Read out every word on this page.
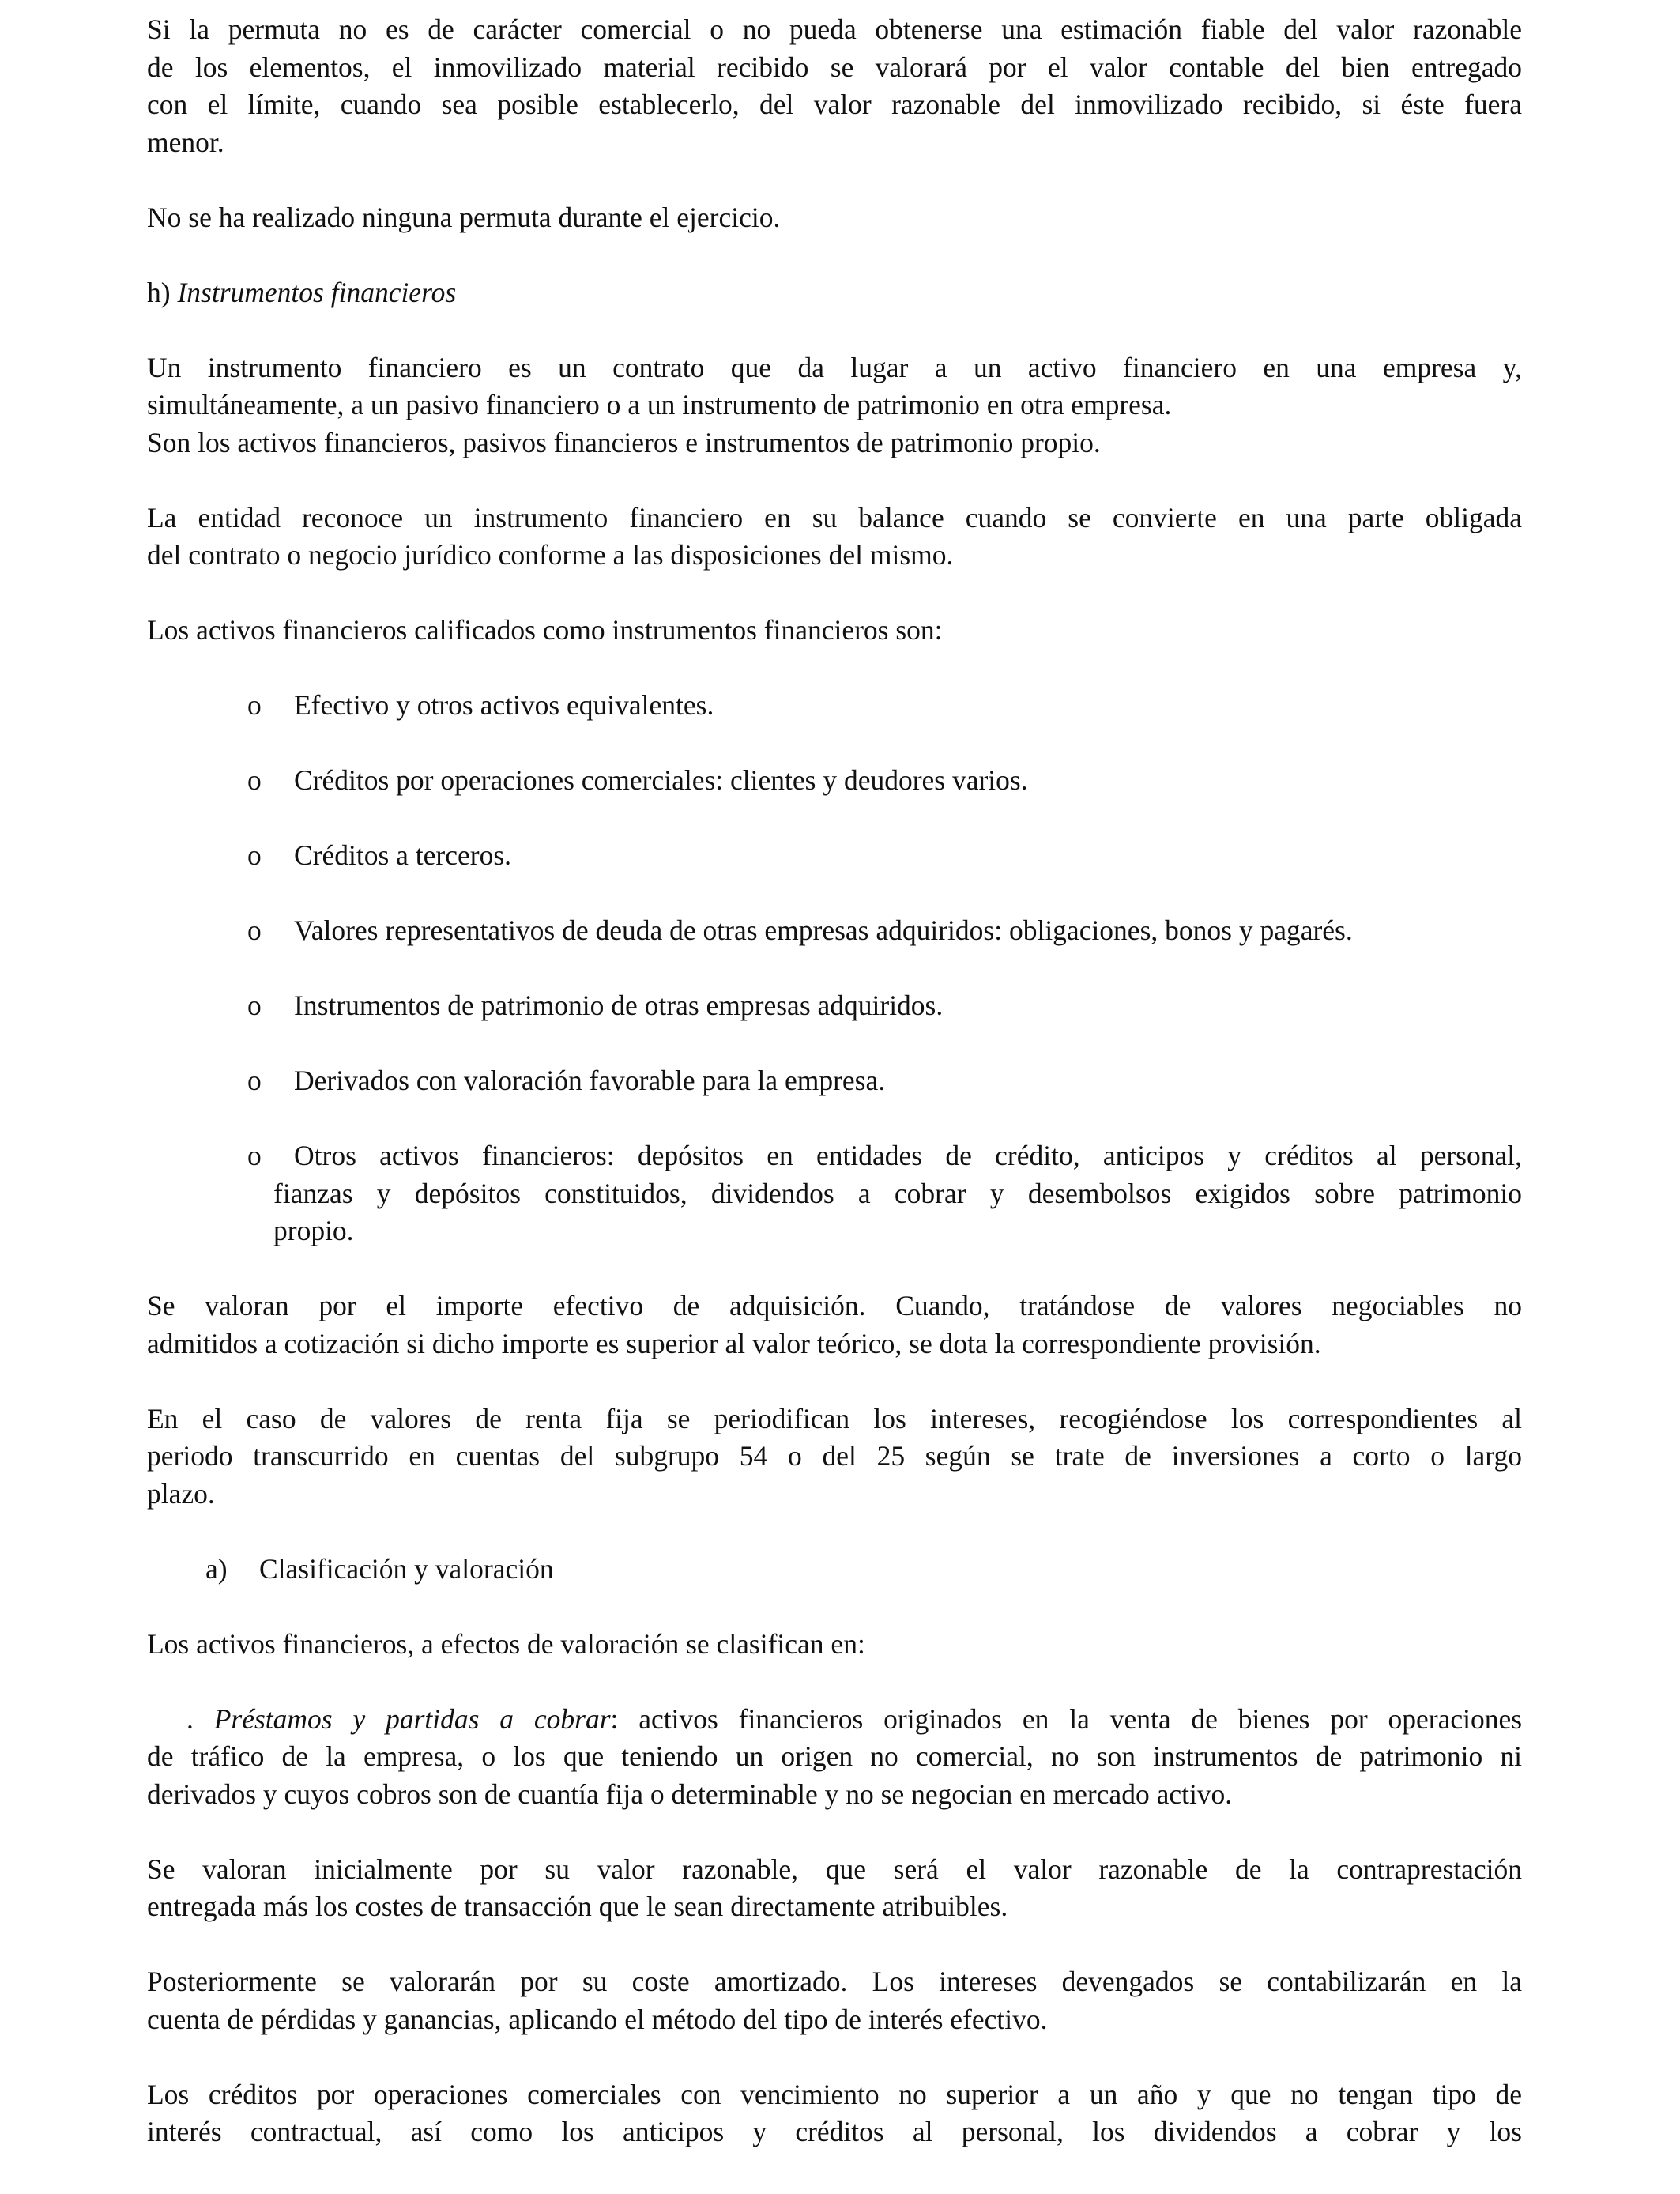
Si la permuta no es de carácter comercial o no pueda obtenerse una estimación fiable del valor razonable

de los elementos, el inmovilizado material recibido se valorará por el valor contable del bien entregado

con el límite, cuando sea posible establecerlo, del valor razonable del inmovilizado recibido, si éste fuera

menor.

No se ha realizado ninguna permuta durante el ejercicio.

h) Instrumentos financieros

Un instrumento financiero es un contrato que da lugar a un activo financiero en una empresa y,

simultáneamente, a un pasivo financiero o a un instrumento de patrimonio en otra empresa.

Son los activos financieros, pasivos financieros e instrumentos de patrimonio propio.

La entidad reconoce un instrumento financiero en su balance cuando se convierte en una parte obligada

del contrato o negocio jurídico conforme a las disposiciones del mismo.

Los activos financieros calificados como instrumentos financieros son:

o Efectivo y otros activos equivalentes.
o Créditos por operaciones comerciales: clientes y deudores varios.
o Créditos a terceros.
o Valores representativos de deuda de otras empresas adquiridos: obligaciones, bonos y pagarés.
o Instrumentos de patrimonio de otras empresas adquiridos.
o Derivados con valoración favorable para la empresa.
o	Otros activos financieros: depósitos en entidades de crédito, anticipos y créditos al personal,

fianzas y depósitos constituidos, dividendos a cobrar y desembolsos exigidos sobre patrimonio

propio.

Se valoran por el importe efectivo de adquisición. Cuando, tratándose de valores negociables no

admitidos a cotización si dicho importe es superior al valor teórico, se dota la correspondiente provisión.

En el caso de valores de renta fija se periodifican los intereses, recogiéndose los correspondientes al

periodo transcurrido en cuentas del subgrupo 54 o del 25 según se trate de inversiones a corto o largo

plazo.

a) Clasificación y valoración

Los activos financieros, a efectos de valoración se clasifican en:

. Préstamos y partidas a cobrar: activos financieros originados en la venta de bienes por operaciones

de tráfico de la empresa, o los que teniendo un origen no comercial, no son instrumentos de patrimonio ni

derivados y cuyos cobros son de cuantía fija o determinable y no se negocian en mercado activo.

Se valoran inicialmente por su valor razonable, que será el valor razonable de la contraprestación

entregada más los costes de transacción que le sean directamente atribuibles.

Posteriormente se valorarán por su coste amortizado. Los intereses devengados se contabilizarán en la

cuenta de pérdidas y ganancias, aplicando el método del tipo de interés efectivo.

Los créditos por operaciones comerciales con vencimiento no superior a un año y que no tengan tipo de

interés contractual, así como los anticipos y créditos al personal, los dividendos a cobrar y los
